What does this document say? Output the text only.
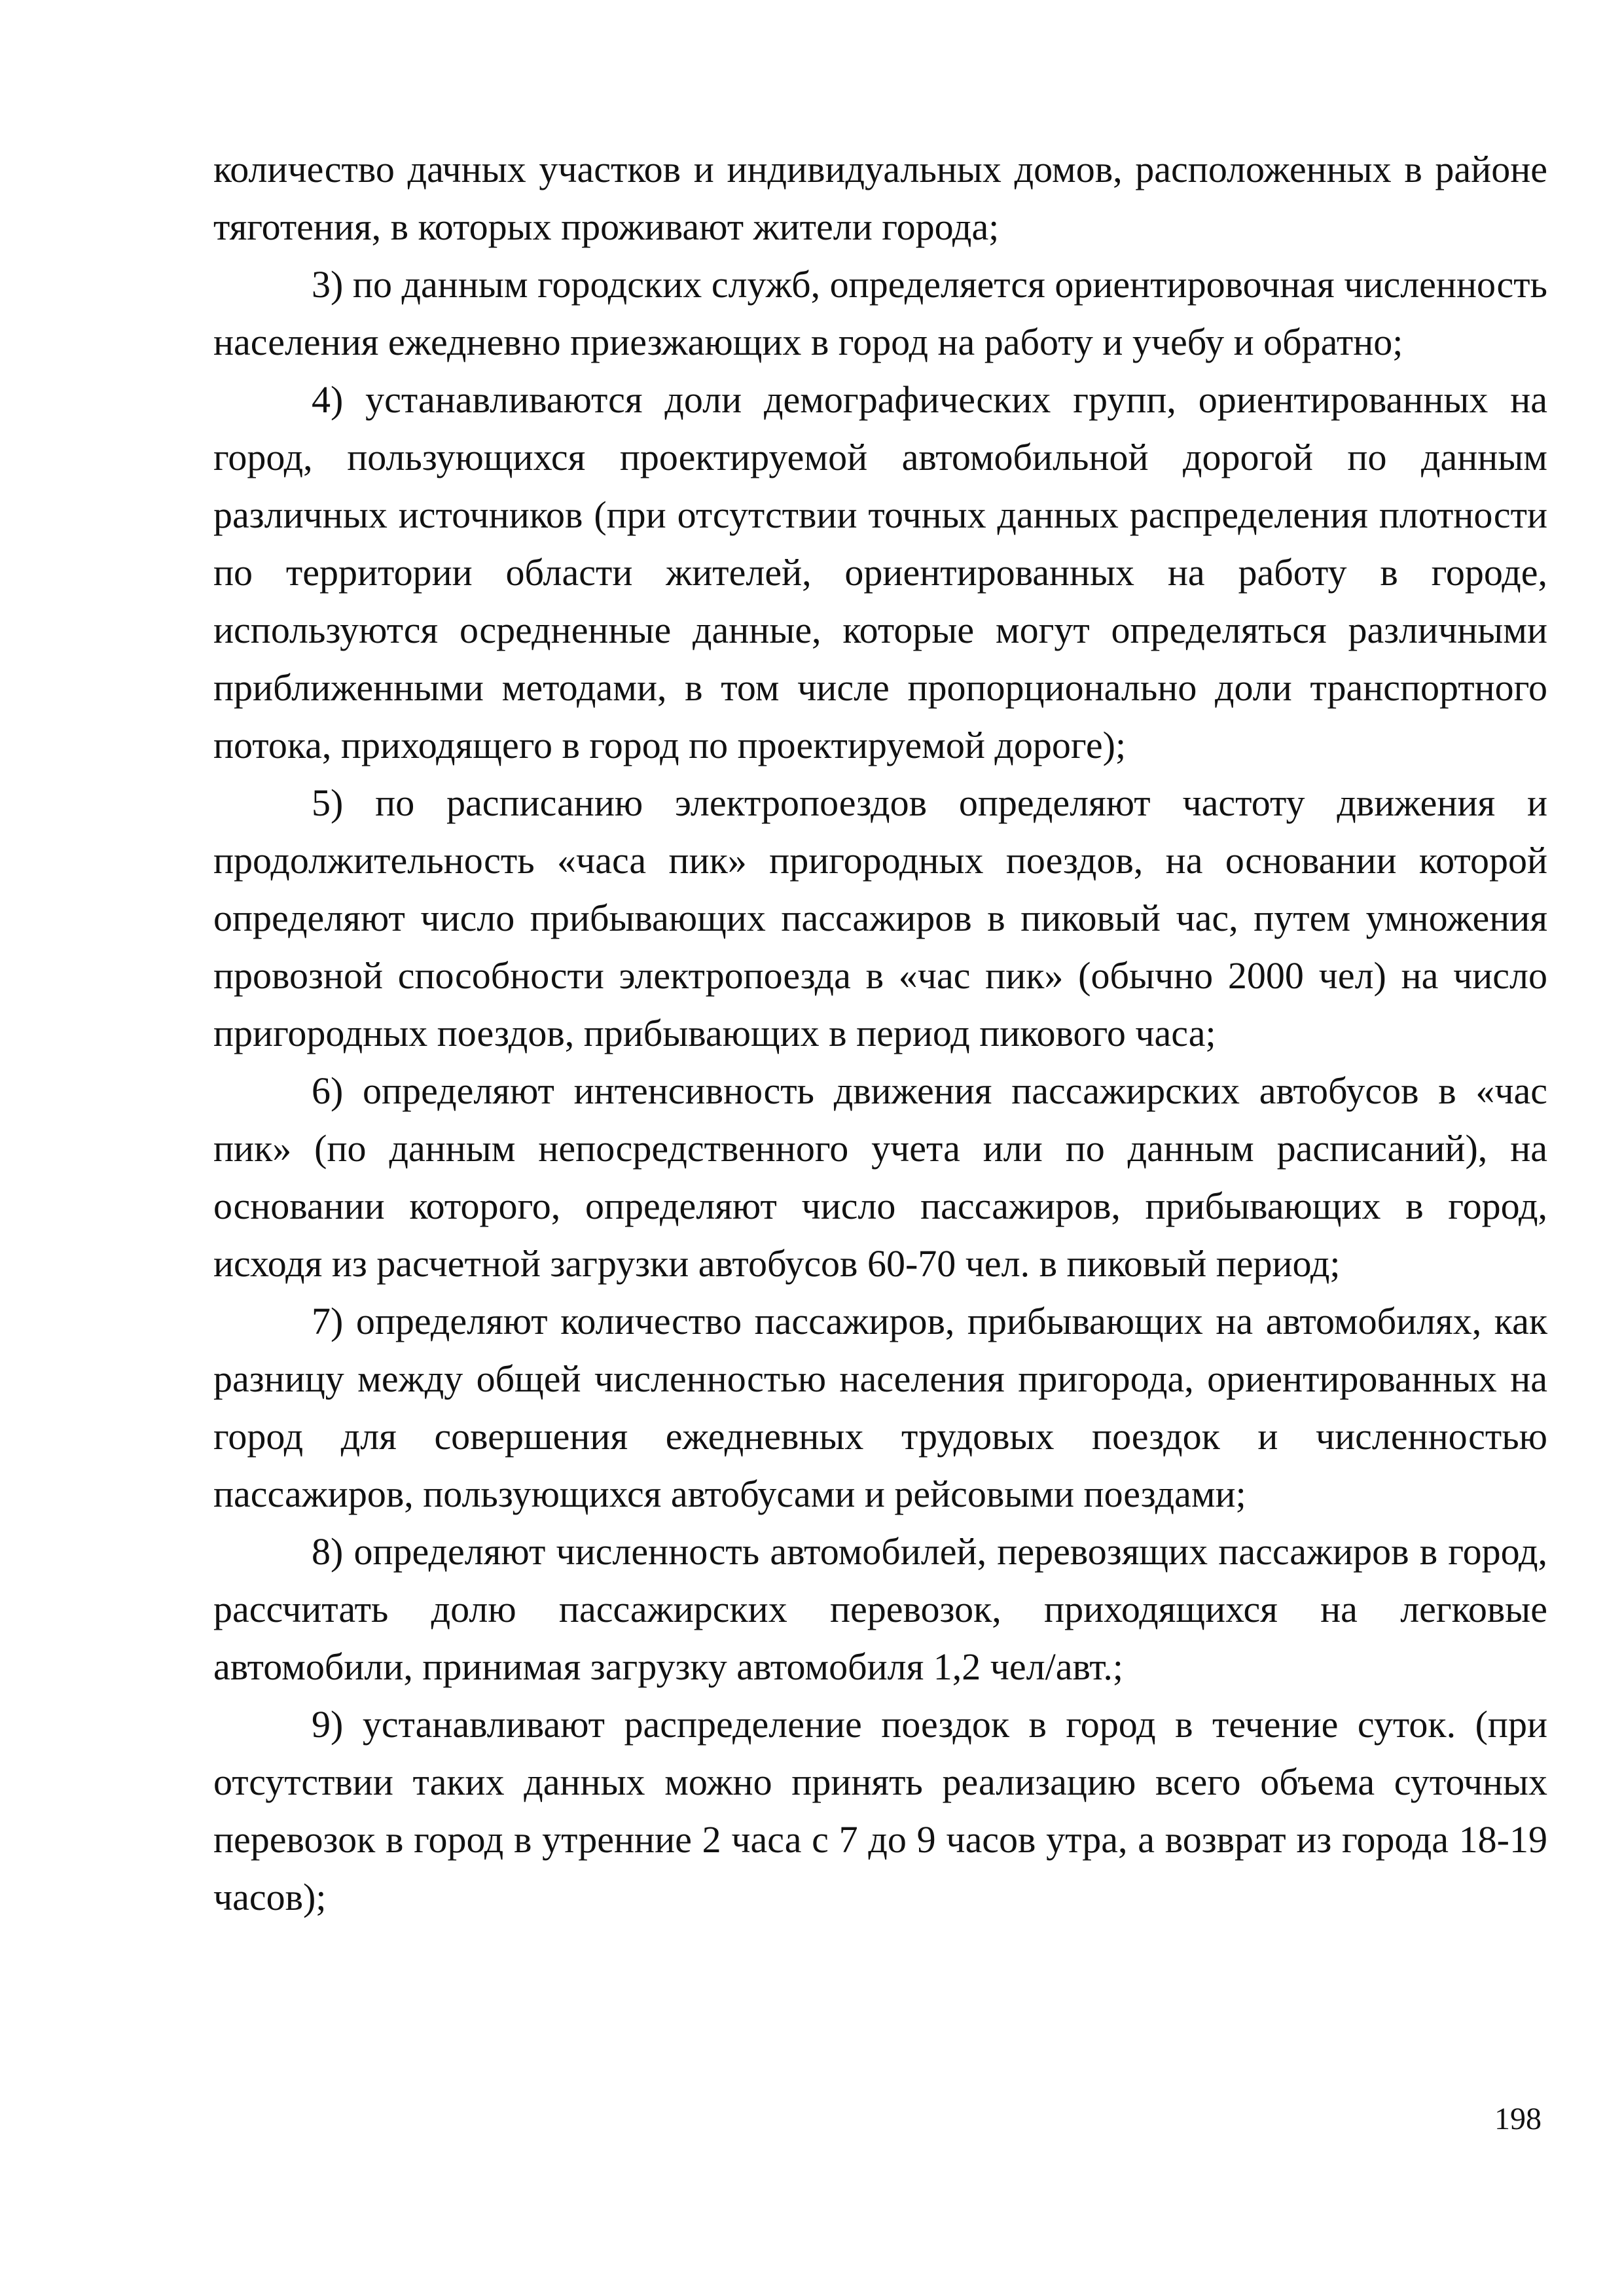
количество дачных участков и индивидуальных домов, расположенных в районе тяготения, в которых проживают жители города;

3) по данным городских служб, определяется ориентировочная численность населения ежедневно приезжающих в город на работу и учебу и обратно;

4) устанавливаются доли демографических групп, ориентированных на город, пользующихся проектируемой автомобильной дорогой по данным различных источников (при отсутствии точных данных распределения плотности по территории области жителей, ориентированных на работу в городе, используются осредненные данные, которые могут определяться различными приближенными методами, в том числе пропорционально доли транспортного потока, приходящего в город по проектируемой дороге);

5) по расписанию электропоездов определяют частоту движения и продолжительность «часа пик» пригородных поездов, на основании которой определяют число прибывающих пассажиров в пиковый час, путем умножения провозной способности электропоезда в «час пик» (обычно 2000 чел) на число пригородных поездов, прибывающих в период пикового часа;

6) определяют интенсивность движения пассажирских автобусов в «час пик» (по данным непосредственного учета или по данным расписаний), на основании которого, определяют число пассажиров, прибывающих в город, исходя из расчетной загрузки автобусов 60-70 чел. в пиковый период;

7) определяют количество пассажиров, прибывающих на автомобилях, как разницу между общей численностью населения пригорода, ориентированных на город для совершения ежедневных трудовых поездок и численностью пассажиров, пользующихся автобусами и рейсовыми поездами;

8) определяют численность автомобилей, перевозящих пассажиров в город, рассчитать долю пассажирских перевозок, приходящихся на легковые автомобили, принимая загрузку автомобиля 1,2 чел/авт.;

9) устанавливают распределение поездок в город в течение суток. (при отсутствии таких данных можно принять реализацию всего объема суточных перевозок в город в утренние 2 часа с 7 до 9 часов утра, а возврат из города 18-19 часов);

198
